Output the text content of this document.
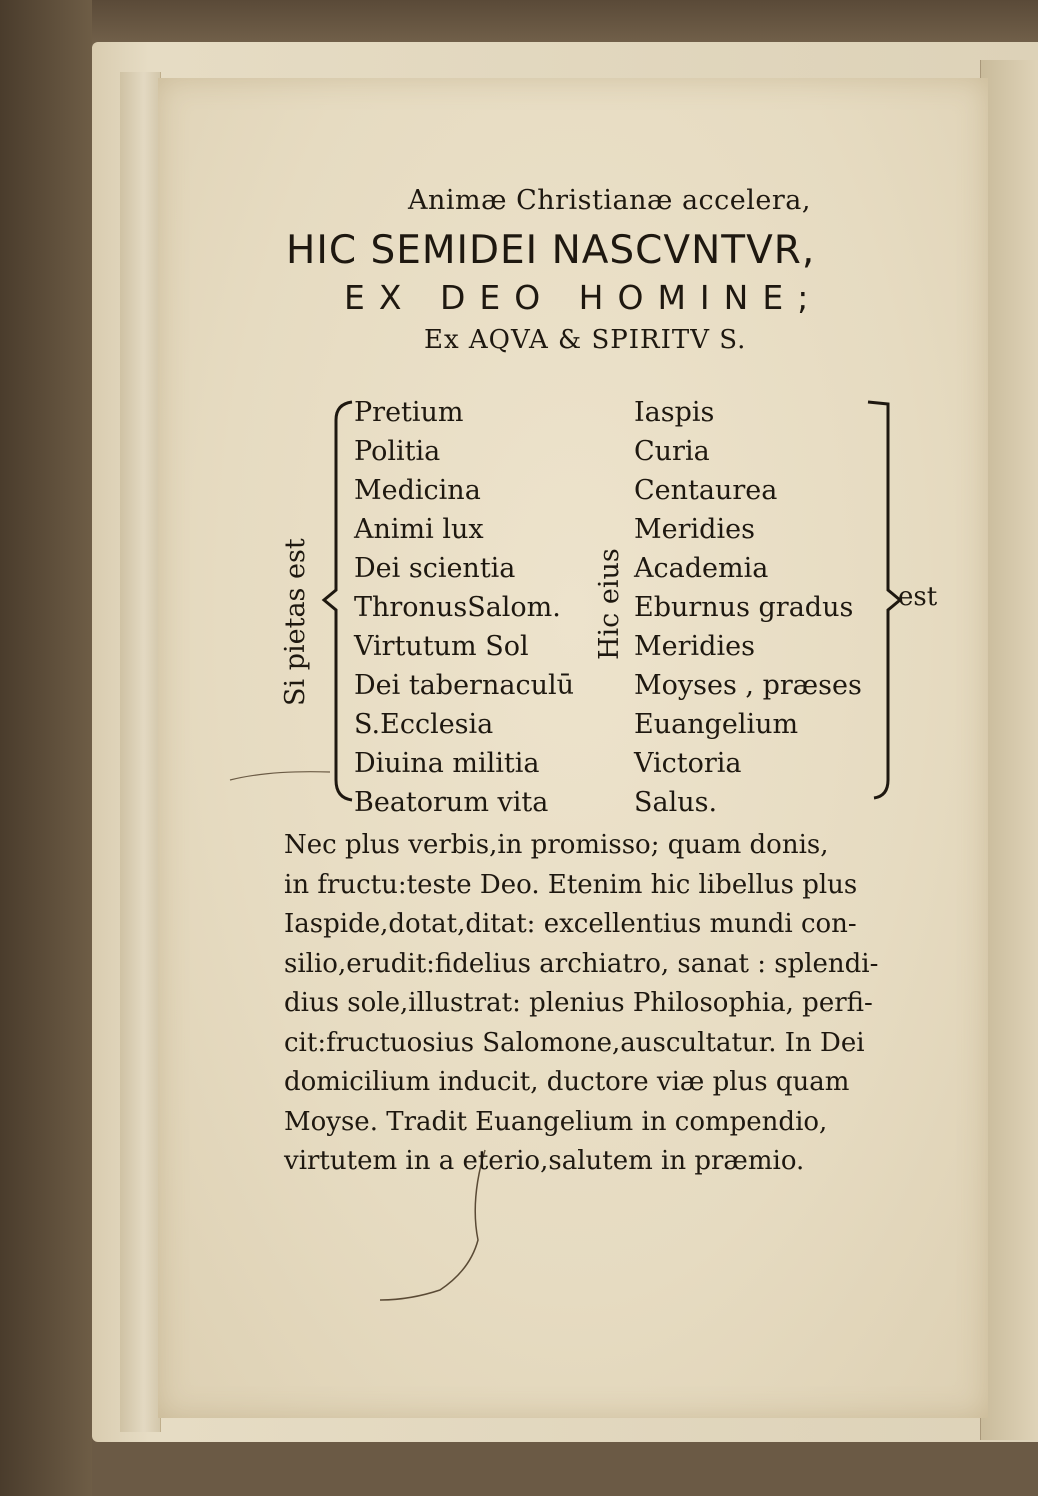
Animæ Christianæ accelera,
HIC SEMIDEI NASCVNTVR,
EX DEO HOMINE;
Ex AQVA & SPIRITV S.
Pretium
Politia
Medicina
Animi lux
Dei scientia
ThronusSalom.
Virtutum Sol
Dei tabernaculū
S.Ecclesia
Diuina militia
Beatorum vita
Iaspis
Curia
Centaurea
Meridies
Academia
Eburnus gradus
Meridies
Moyses , præses
Euangelium
Victoria
Salus.
Si pietas est	Hic eius	est
Nec plus verbis,in promisso; quam donis,
in fructu:teste Deo. Etenim hic libellus plus
Iaspide,dotat,ditat: excellentius mundi con-
silio,erudit:fidelius archiatro, sanat : splendi-
dius sole,illustrat: plenius Philosophia, perfi-
cit:fructuosius Salomone,auscultatur. In Dei
domicilium inducit, ductore viæ plus quam
Moyse. Tradit Euangelium in compendio,
virtutem in a eterio,salutem in præmio.
